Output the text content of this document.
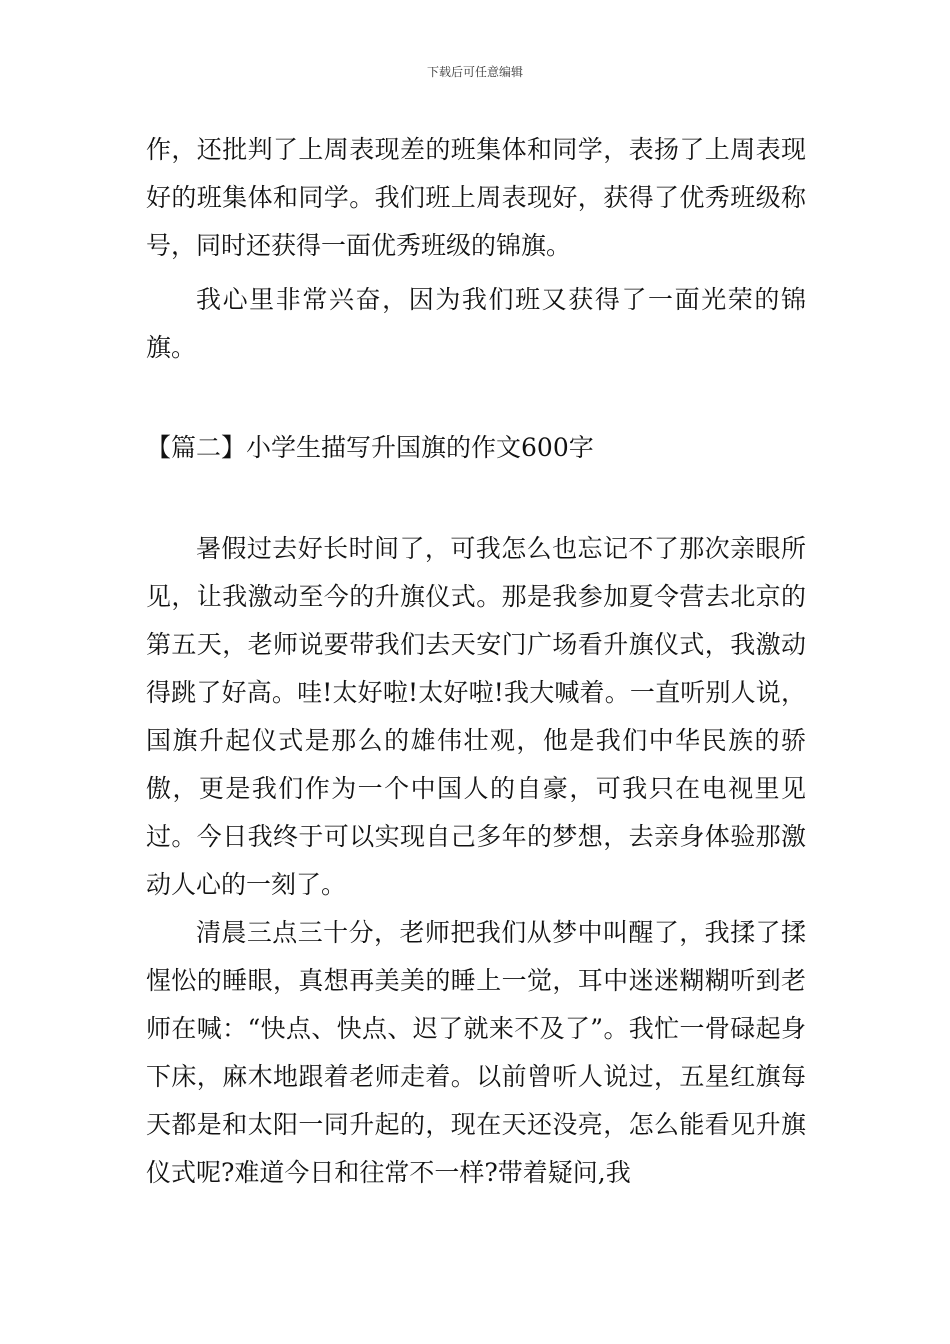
下载后可任意编辑

作，还批判了上周表现差的班集体和同学，表扬了上周表现好的班集体和同学。我们班上周表现好，获得了优秀班级称号，同时还获得一面优秀班级的锦旗。

我心里非常兴奋，因为我们班又获得了一面光荣的锦旗。

【篇二】小学生描写升国旗的作文600字

暑假过去好长时间了，可我怎么也忘记不了那次亲眼所见，让我激动至今的升旗仪式。那是我参加夏令营去北京的第五天，老师说要带我们去天安门广场看升旗仪式，我激动得跳了好高。哇!太好啦!太好啦!我大喊着。一直听别人说，国旗升起仪式是那么的雄伟壮观，他是我们中华民族的骄傲，更是我们作为一个中国人的自豪，可我只在电视里见过。今日我终于可以实现自己多年的梦想，去亲身体验那激动人心的一刻了。

清晨三点三十分，老师把我们从梦中叫醒了，我揉了揉惺忪的睡眼，真想再美美的睡上一觉，耳中迷迷糊糊听到老师在喊：“快点、快点、迟了就来不及了”。我忙一骨碌起身下床，麻木地跟着老师走着。以前曾听人说过，五星红旗每天都是和太阳一同升起的，现在天还没亮，怎么能看见升旗仪式呢?难道今日和往常不一样?带着疑问,我
